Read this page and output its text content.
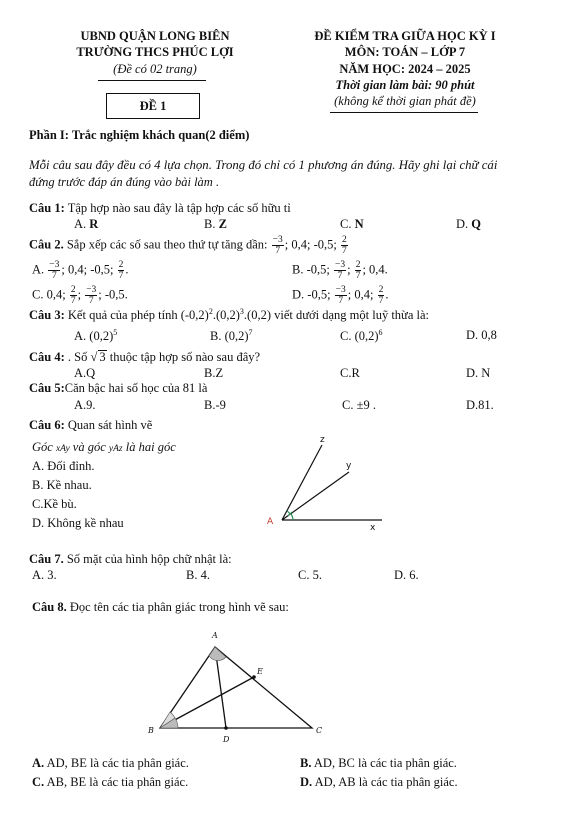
UBND QUẬN LONG BIÊN
TRƯỜNG THCS PHÚC LỢI
(Đề có 02 trang)
ĐỀ 1
ĐỀ KIỂM TRA GIỮA HỌC KỲ I
MÔN: TOÁN – LỚP 7
NĂM HỌC: 2024 – 2025
Thời gian làm bài: 90 phút
(không kể thời gian phát đề)
Phần I: Trắc nghiệm khách quan(2 điểm)
Mỗi câu sau đây đều có 4 lựa chọn. Trong đó chỉ có 1 phương án đúng. Hãy ghi lại chữ cái
đứng trước đáp án đúng vào bài làm .
Câu 1: Tập hợp nào sau đây là tập hợp các số hữu tỉ
A. R	B. Z	C. N	D. Q
Câu 2. Sắp xếp các số sau theo thứ tự tăng dần: $\frac{-3}{7}$ ; 0,4; -0,5; $\frac{2}{7}$
A. $\frac{-3}{7}$ ; 0,4; -0,5; $\frac{2}{7}$ .	B. -0,5; $\frac{-3}{7}$ ; $\frac{2}{7}$ ; 0,4.
C. 0,4; $\frac{2}{7}$ ; $\frac{-3}{7}$ ; -0,5.	D. -0,5; $\frac{-3}{7}$ ; 0,4; $\frac{2}{7}$ .
Câu 3: Kết quả của phép tính $(-0,2)^2.(0,2)^3.(0,2)$ viết dưới dạng một luỹ thừa là:
A. $(0,2)^5$	B. $(0,2)^7$	C. $(0,2)^6$	D. 0,8
Câu 4: . Số √ 3 thuộc tập hợp số nào sau đây?
A.Q	B.Z	C.R	D. N
Câu 5:Căn bậc hai số học của 81 là
A.9.	B.-9	C. ±9 .	D.81.
Câu 6: Quan sát hình vẽ
Góc xAy và góc yAz là hai góc
A. Đối đỉnh.
B. Kề nhau.
C.Kề bù.
D. Không kề nhau
z
y
A
x
Câu 7. Số mặt của hình hộp chữ nhật là:
A. 3.	B. 4.	C. 5.	D. 6.
Câu 8. Đọc tên các tia phân giác trong hình vẽ sau:
A
E
B
D
C
A. AD, BE là các tia phân giác.	B. AD, BC là các tia phân giác.
C. AB, BE là các tia phân giác.	D. AD, AB là các tia phân giác.
